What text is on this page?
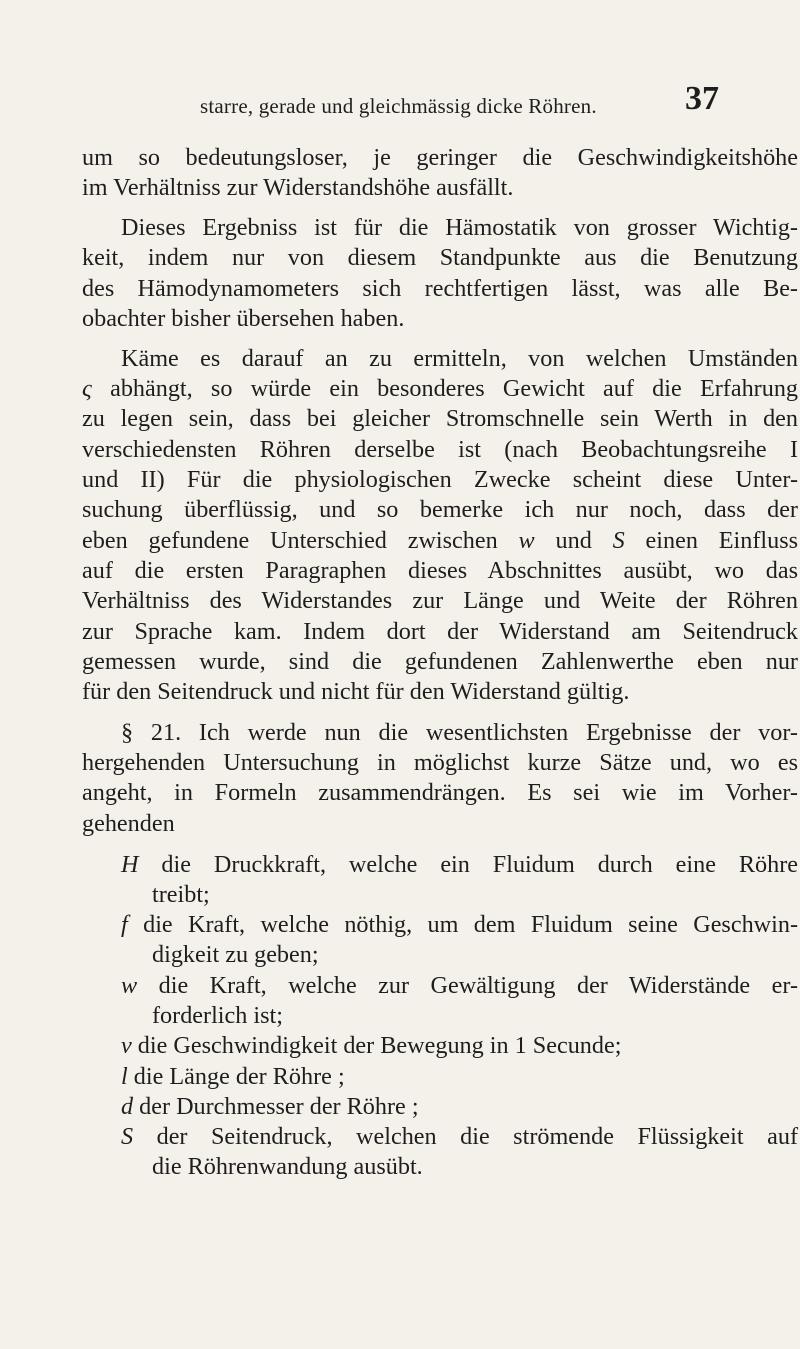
starre, gerade und gleichmässig dicke Röhren.	37
um so bedeutungsloser, je geringer die Geschwindigkeitshöhe
im Verhältniss zur Widerstandshöhe ausfällt.
Dieses Ergebniss ist für die Hämostatik von grosser Wichtig-
keit, indem nur von diesem Standpunkte aus die Benutzung
des Hämodynamometers sich rechtfertigen lässt, was alle Be-
obachter bisher übersehen haben.
Käme es darauf an zu ermitteln, von welchen Umständen
ς abhängt, so würde ein besonderes Gewicht auf die Erfahrung
zu legen sein, dass bei gleicher Stromschnelle sein Werth in den
verschiedensten Röhren derselbe ist (nach Beobachtungsreihe I
und II) Für die physiologischen Zwecke scheint diese Unter-
suchung überflüssig, und so bemerke ich nur noch, dass der
eben gefundene Unterschied zwischen w und S einen Einfluss
auf die ersten Paragraphen dieses Abschnittes ausübt, wo das
Verhältniss des Widerstandes zur Länge und Weite der Röhren
zur Sprache kam. Indem dort der Widerstand am Seitendruck
gemessen wurde, sind die gefundenen Zahlenwerthe eben nur
für den Seitendruck und nicht für den Widerstand gültig.
§ 21. Ich werde nun die wesentlichsten Ergebnisse der vor-
hergehenden Untersuchung in möglichst kurze Sätze und, wo es
angeht, in Formeln zusammendrängen. Es sei wie im Vorher-
gehenden
H die Druckkraft, welche ein Fluidum durch eine Röhre
treibt;
f die Kraft, welche nöthig, um dem Fluidum seine Geschwin-
digkeit zu geben;
w die Kraft, welche zur Gewältigung der Widerstände er-
forderlich ist;
v die Geschwindigkeit der Bewegung in 1 Secunde;
l die Länge der Röhre ;
d der Durchmesser der Röhre ;
S der Seitendruck, welchen die strömende Flüssigkeit auf
die Röhrenwandung ausübt.
